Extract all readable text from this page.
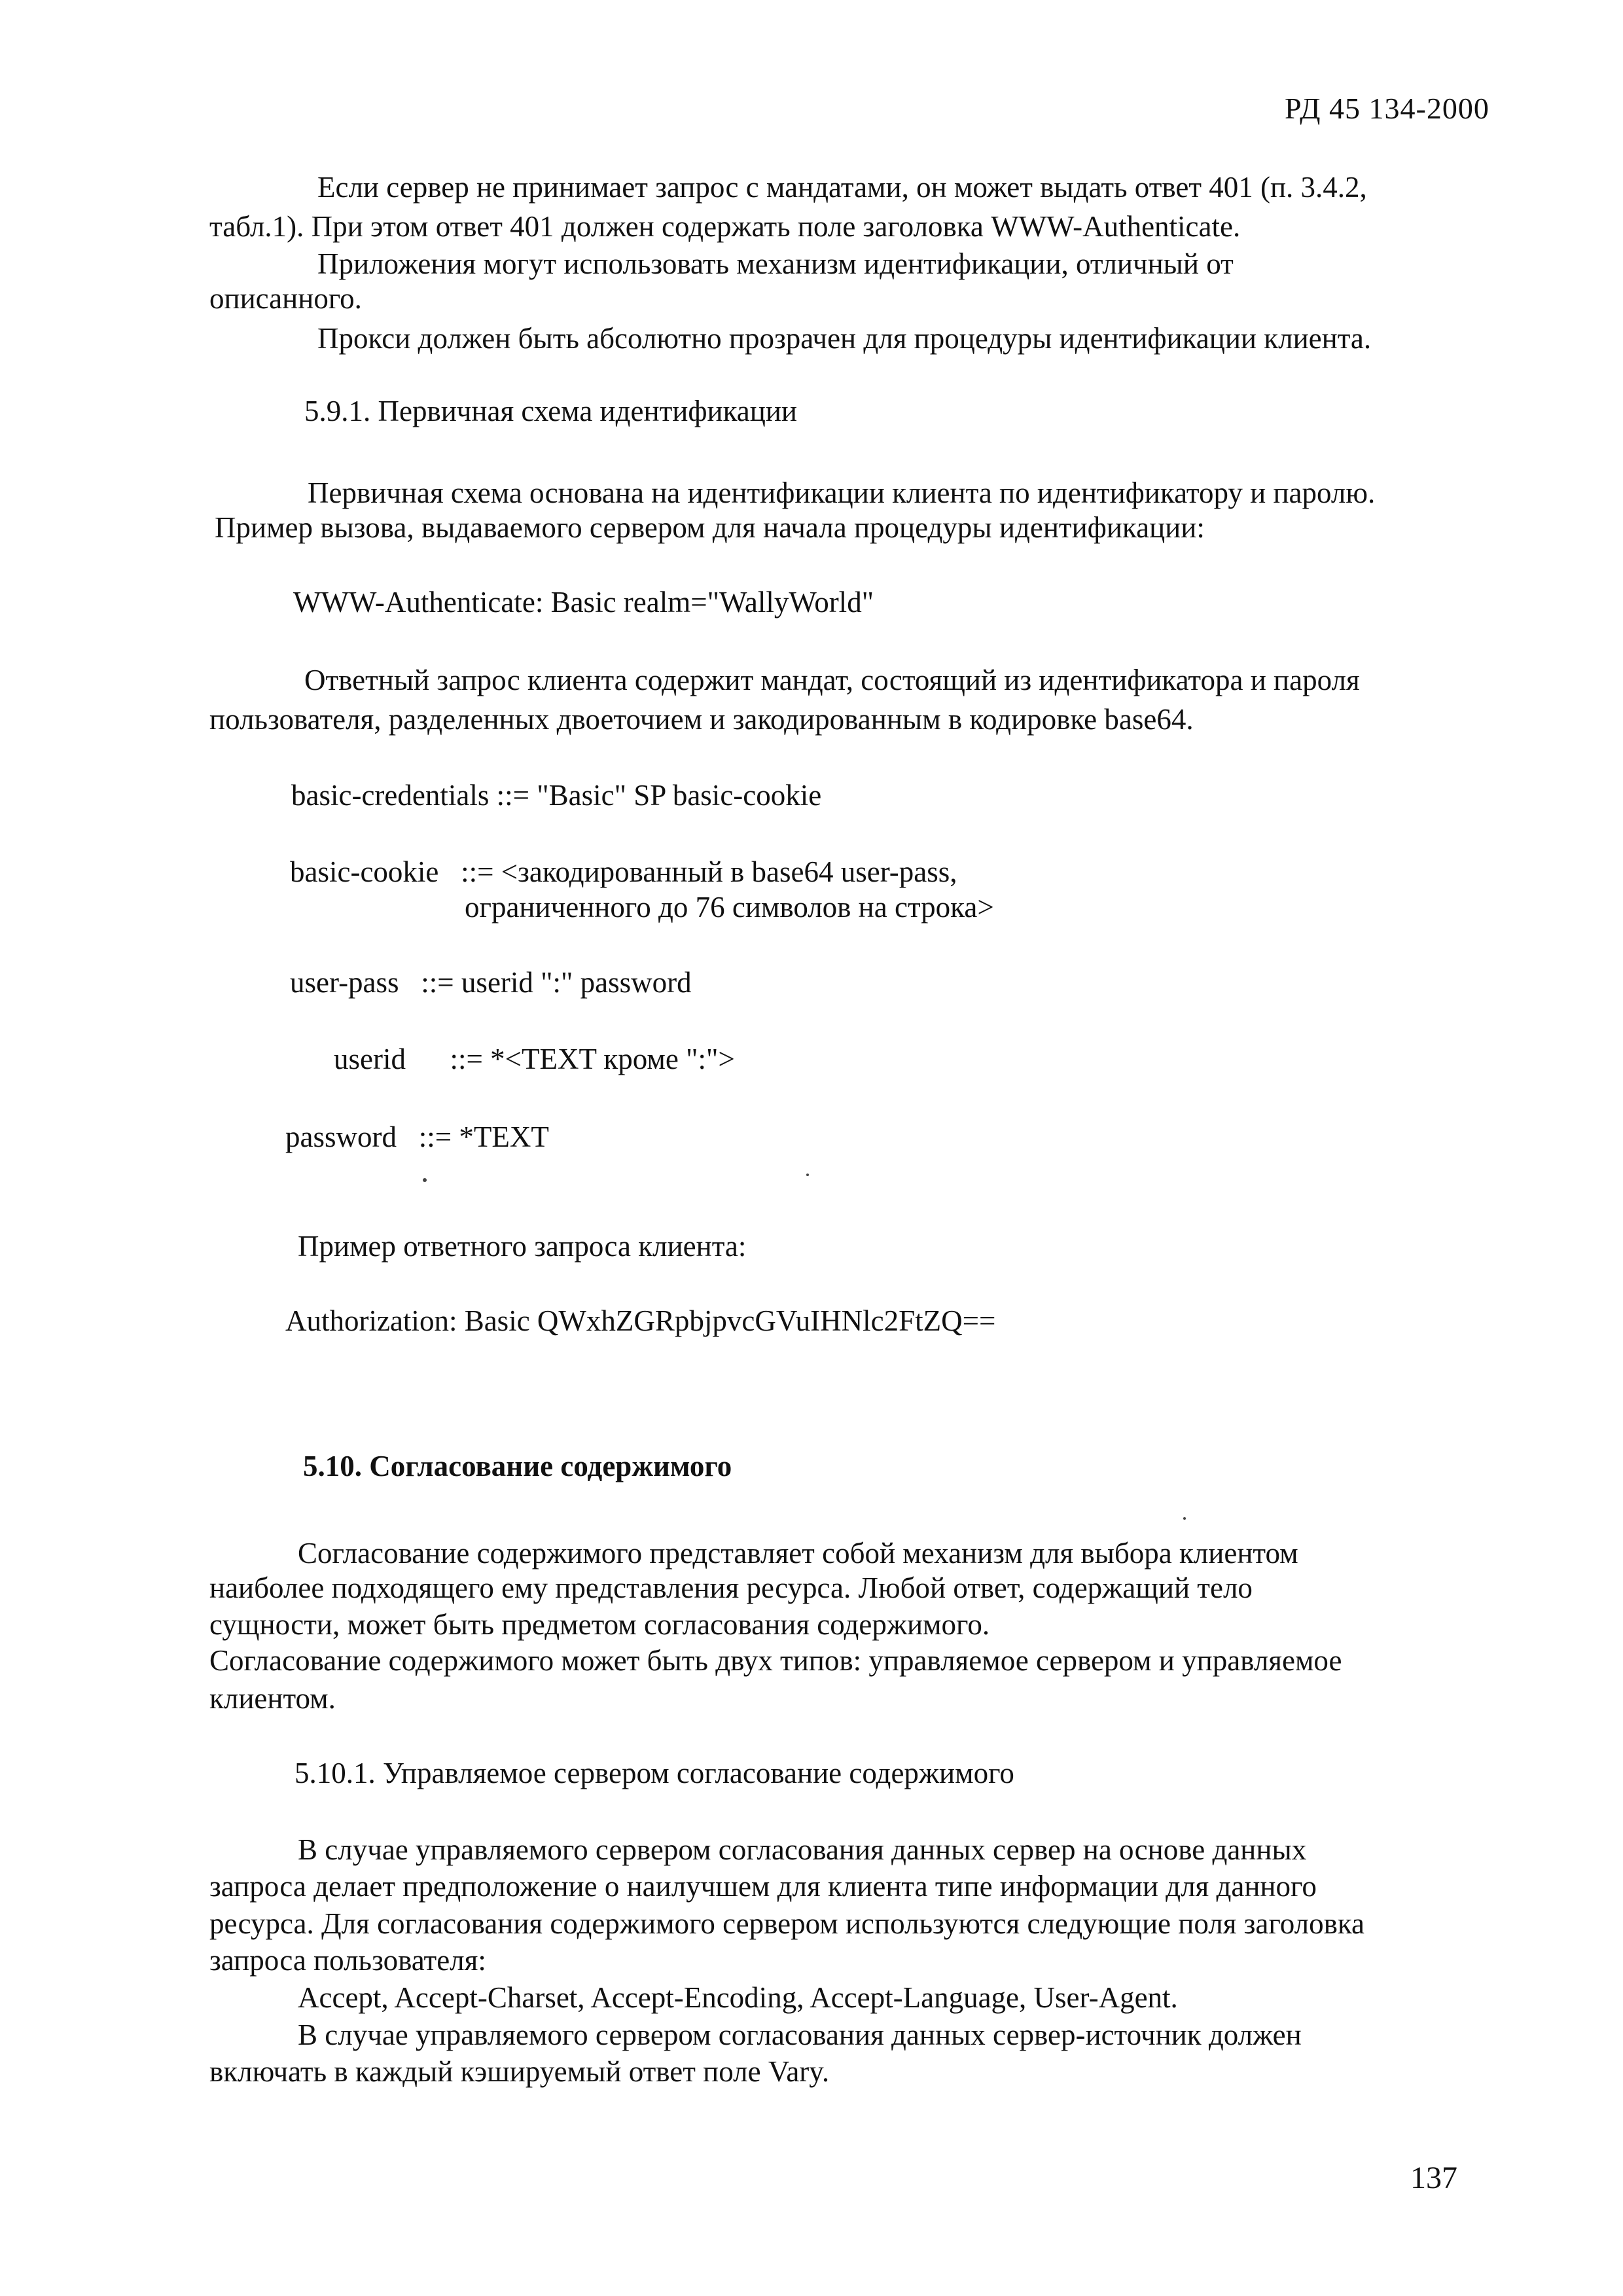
РД 45 134-2000
Если сервер не принимает запрос с мандатами, он может выдать ответ 401 (п. 3.4.2,
табл.1). При этом ответ 401 должен содержать поле заголовка WWW-Authenticate.
Приложения могут использовать механизм идентификации, отличный от
описанного.
Прокси должен быть абсолютно прозрачен для процедуры идентификации клиента.
5.9.1. Первичная схема идентификации
Первичная схема основана на идентификации клиента по идентификатору и паролю.
Пример вызова, выдаваемого сервером для начала процедуры идентификации:
WWW-Authenticate: Basic realm="WallyWorld"
Ответный запрос клиента содержит мандат, состоящий из идентификатора и пароля
пользователя, разделенных двоеточием и закодированным в кодировке base64.
basic-credentials ::= "Basic" SP basic-cookie
basic-cookie   ::= <закодированный в base64 user-pass,
ограниченного до 76 символов на строка>
user-pass   ::= userid ":" password
userid      ::= *<TEXT кроме ":">
password   ::= *TEXT
Пример ответного запроса клиента:
Authorization: Basic QWxhZGRpbjpvcGVuIHNlc2FtZQ==
5.10. Согласование содержимого
Согласование содержимого представляет собой механизм для выбора клиентом
наиболее подходящего ему представления ресурса. Любой ответ, содержащий тело
сущности, может быть предметом согласования содержимого.
Согласование содержимого может быть двух типов: управляемое сервером и управляемое
клиентом.
5.10.1. Управляемое сервером согласование содержимого
В случае управляемого сервером согласования данных сервер на основе данных
запроса делает предположение о наилучшем для клиента типе информации для данного
ресурса. Для согласования содержимого сервером используются следующие поля заголовка
запроса пользователя:
Accept, Accept-Charset, Accept-Encoding, Accept-Language, User-Agent.
В случае управляемого сервером согласования данных сервер-источник должен
включать в каждый кэшируемый ответ поле Vary.
137
